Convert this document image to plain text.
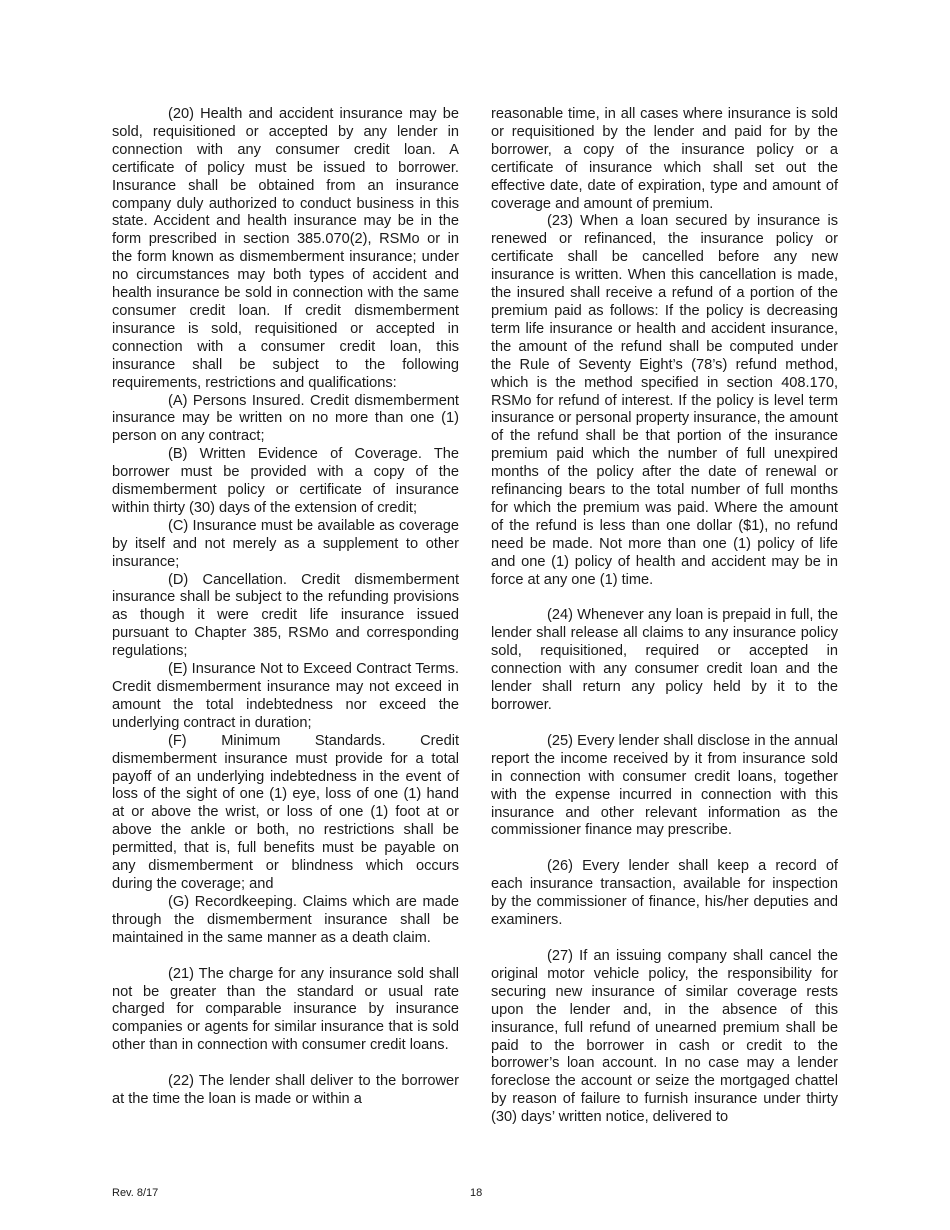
(20) Health and accident insurance may be sold, requisitioned or accepted by any lender in connection with any consumer credit loan. A certificate of policy must be issued to borrower. Insurance shall be obtained from an insurance company duly authorized to conduct business in this state. Accident and health insurance may be in the form prescribed in section 385.070(2), RSMo or in the form known as dismemberment insurance; under no circumstances may both types of accident and health insurance be sold in connection with the same consumer credit loan. If credit dismemberment insurance is sold, requisitioned or accepted in connection with a consumer credit loan, this insurance shall be subject to the following requirements, restrictions and qualifications:

(A) Persons Insured. Credit dismemberment insurance may be written on no more than one (1) person on any contract;

(B) Written Evidence of Coverage. The borrower must be provided with a copy of the dismemberment policy or certificate of insurance within thirty (30) days of the extension of credit;

(C) Insurance must be available as coverage by itself and not merely as a supplement to other insurance;

(D) Cancellation. Credit dismemberment insurance shall be subject to the refunding provisions as though it were credit life insurance issued pursuant to Chapter 385, RSMo and corresponding regulations;

(E) Insurance Not to Exceed Contract Terms. Credit dismemberment insurance may not exceed in amount the total indebtedness nor exceed the underlying contract in duration;

(F) Minimum Standards. Credit dismemberment insurance must provide for a total payoff of an underlying indebtedness in the event of loss of the sight of one (1) eye, loss of one (1) hand at or above the wrist, or loss of one (1) foot at or above the ankle or both, no restrictions shall be permitted, that is, full benefits must be payable on any dismemberment or blindness which occurs during the coverage; and

(G) Recordkeeping. Claims which are made through the dismemberment insurance shall be maintained in the same manner as a death claim.

(21) The charge for any insurance sold shall not be greater than the standard or usual rate charged for comparable insurance by insurance companies or agents for similar insurance that is sold other than in connection with consumer credit loans.

(22) The lender shall deliver to the borrower at the time the loan is made or within a

reasonable time, in all cases where insurance is sold or requisitioned by the lender and paid for by the borrower, a copy of the insurance policy or a certificate of insurance which shall set out the effective date, date of expiration, type and amount of coverage and amount of premium.

(23) When a loan secured by insurance is renewed or refinanced, the insurance policy or certificate shall be cancelled before any new insurance is written. When this cancellation is made, the insured shall receive a refund of a portion of the premium paid as follows: If the policy is decreasing term life insurance or health and accident insurance, the amount of the refund shall be computed under the Rule of Seventy Eight’s (78’s) refund method, which is the method specified in section 408.170, RSMo for refund of interest. If the policy is level term insurance or personal property insurance, the amount of the refund shall be that portion of the insurance premium paid which the number of full unexpired months of the policy after the date of renewal or refinancing bears to the total number of full months for which the premium was paid. Where the amount of the refund is less than one dollar ($1), no refund need be made. Not more than one (1) policy of life and one (1) policy of health and accident may be in force at any one (1) time.

(24) Whenever any loan is prepaid in full, the lender shall release all claims to any insurance policy sold, requisitioned, required or accepted in connection with any consumer credit loan and the lender shall return any policy held by it to the borrower.

(25) Every lender shall disclose in the annual report the income received by it from insurance sold in connection with consumer credit loans, together with the expense incurred in connection with this insurance and other relevant information as the commissioner finance may prescribe.

(26) Every lender shall keep a record of each insurance transaction, available for inspection by the commissioner of finance, his/her deputies and examiners.

(27) If an issuing company shall cancel the original motor vehicle policy, the responsibility for securing new insurance of similar coverage rests upon the lender and, in the absence of this insurance, full refund of unearned premium shall be paid to the borrower in cash or credit to the borrower’s loan account. In no case may a lender foreclose the account or seize the mortgaged chattel by reason of failure to furnish insurance under thirty (30) days’ written notice, delivered to

Rev. 8/17	18
